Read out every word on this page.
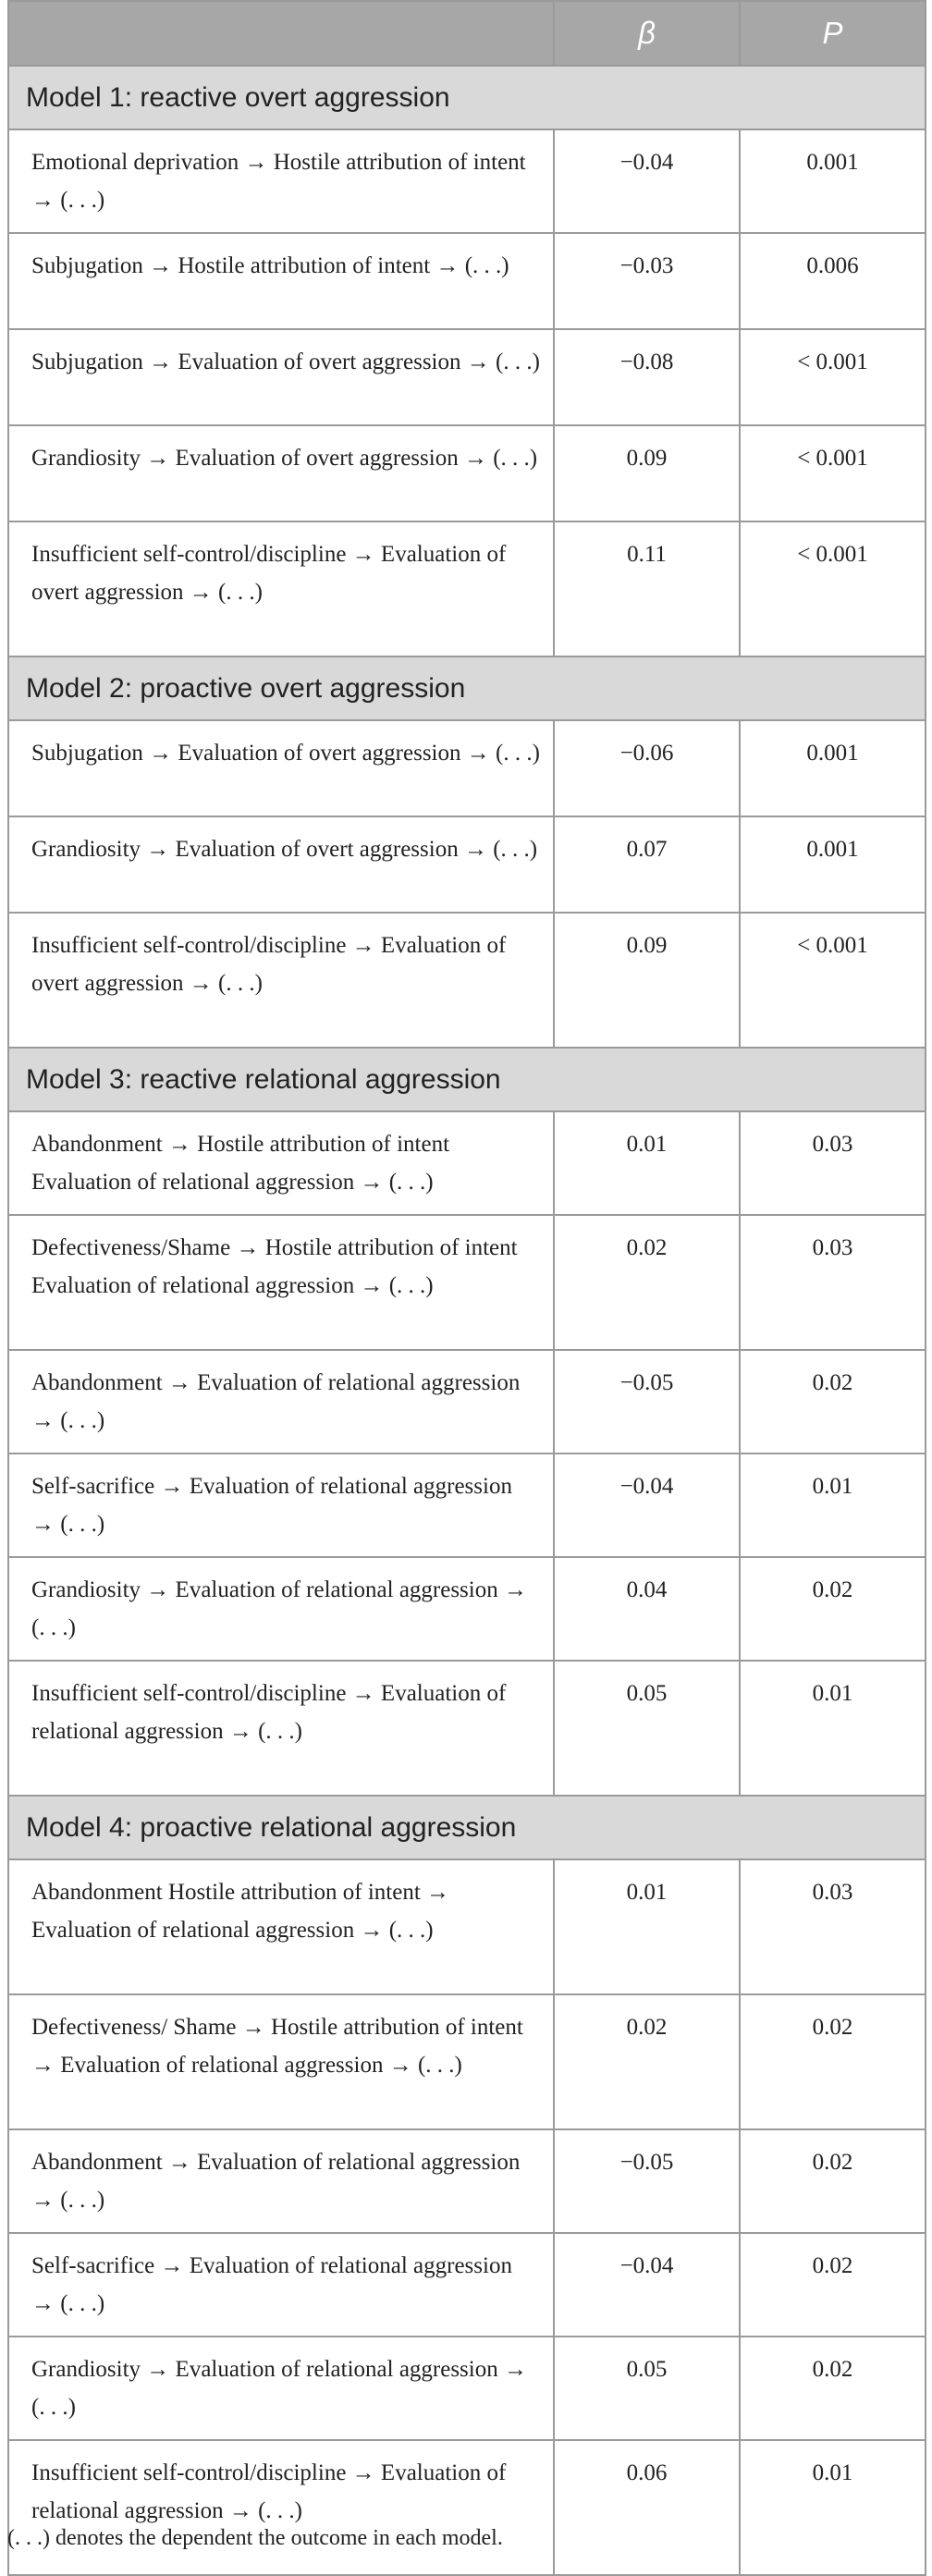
	β	P
Model 1: reactive overt aggression		
Emotional deprivation → Hostile attribution of intent → (. . .)	−0.04	0.001
Subjugation → Hostile attribution of intent → (. . .)	−0.03	0.006
Subjugation → Evaluation of overt aggression → (. . .)	−0.08	< 0.001
Grandiosity → Evaluation of overt aggression → (. . .)	0.09	< 0.001
Insufficient self-control/discipline → Evaluation of overt aggression → (. . .)	0.11	< 0.001
Model 2: proactive overt aggression		
Subjugation → Evaluation of overt aggression → (. . .)	−0.06	0.001
Grandiosity → Evaluation of overt aggression → (. . .)	0.07	0.001
Insufficient self-control/discipline → Evaluation of overt aggression → (. . .)	0.09	< 0.001
Model 3: reactive relational aggression		
Abandonment → Hostile attribution of intent Evaluation of relational aggression → (. . .)	0.01	0.03
Defectiveness/Shame → Hostile attribution of intent Evaluation of relational aggression → (. . .)	0.02	0.03
Abandonment → Evaluation of relational aggression → (. . .)	−0.05	0.02
Self-sacrifice → Evaluation of relational aggression → (. . .)	−0.04	0.01
Grandiosity → Evaluation of relational aggression → (. . .)	0.04	0.02
Insufficient self-control/discipline → Evaluation of relational aggression → (. . .)	0.05	0.01
Model 4: proactive relational aggression		
Abandonment Hostile attribution of intent → Evaluation of relational aggression → (. . .)	0.01	0.03
Defectiveness/ Shame → Hostile attribution of intent → Evaluation of relational aggression → (. . .)	0.02	0.02
Abandonment → Evaluation of relational aggression → (. . .)	−0.05	0.02
Self-sacrifice → Evaluation of relational aggression → (. . .)	−0.04	0.02
Grandiosity → Evaluation of relational aggression → (. . .)	0.05	0.02
Insufficient self-control/discipline → Evaluation of relational aggression → (. . .)	0.06	0.01
(. . .) denotes the dependent the outcome in each model.
